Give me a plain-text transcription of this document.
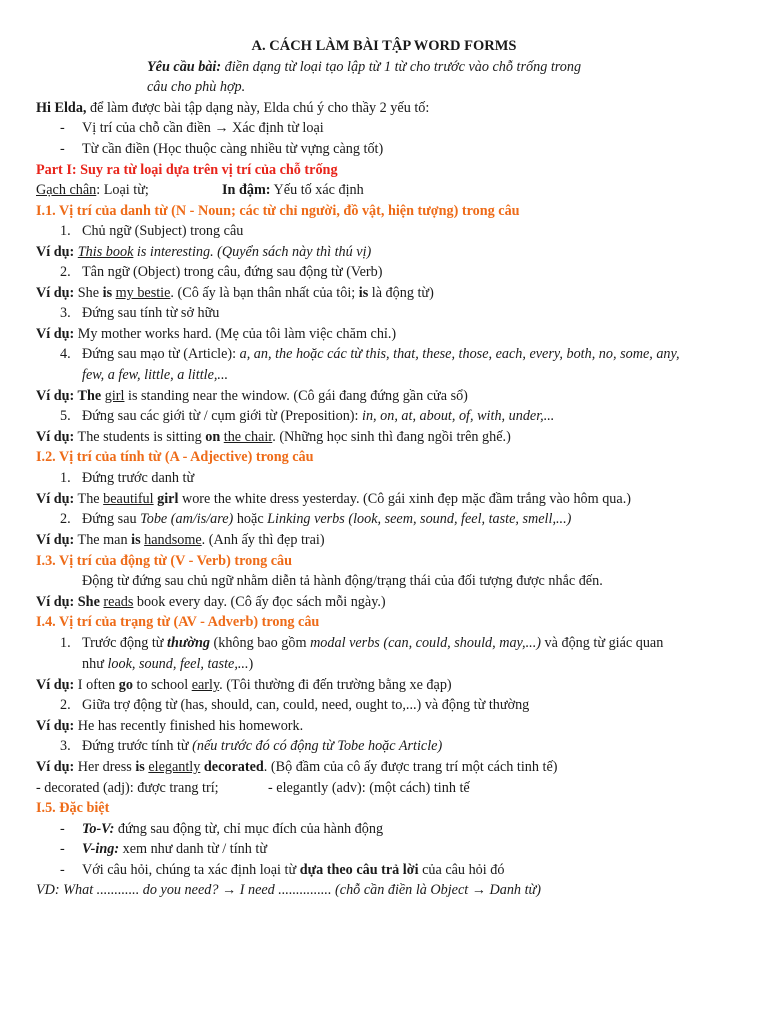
A. CÁCH LÀM BÀI TẬP WORD FORMS
Yêu cầu bài: điền dạng từ loại tạo lập từ 1 từ cho trước vào chỗ trống trong
câu cho phù hợp.
Hi Elda, để làm được bài tập dạng này, Elda chú ý cho thầy 2 yếu tố:
- Vị trí của chỗ cần điền → Xác định từ loại
- Từ cần điền (Học thuộc càng nhiều từ vựng càng tốt)
Part I: Suy ra từ loại dựa trên vị trí của chỗ trống
Gạch chân: Loại từ;	In đậm: Yếu tố xác định
I.1. Vị trí của danh từ (N - Noun; các từ chỉ người, đồ vật, hiện tượng) trong câu
1. Chủ ngữ (Subject) trong câu
Ví dụ: This book is interesting. (Quyển sách này thì thú vị)
2. Tân ngữ (Object) trong câu, đứng sau động từ (Verb)
Ví dụ: She is my bestie. (Cô ấy là bạn thân nhất của tôi; is là động từ)
3. Đứng sau tính từ sở hữu
Ví dụ: My mother works hard. (Mẹ của tôi làm việc chăm chỉ.)
4. Đứng sau mạo từ (Article): a, an, the hoặc các từ this, that, these, those, each, every, both, no, some, any,
few, a few, little, a little,...
Ví dụ: The girl is standing near the window. (Cô gái đang đứng gần cửa sổ)
5. Đứng sau các giới từ / cụm giới từ (Preposition): in, on, at, about, of, with, under,...
Ví dụ: The students is sitting on the chair. (Những học sinh thì đang ngồi trên ghế.)
I.2. Vị trí của tính từ (A - Adjective) trong câu
1. Đứng trước danh từ
Ví dụ: The beautiful girl wore the white dress yesterday. (Cô gái xinh đẹp mặc đầm trắng vào hôm qua.)
2. Đứng sau Tobe (am/is/are) hoặc Linking verbs (look, seem, sound, feel, taste, smell,...)
Ví dụ: The man is handsome. (Anh ấy thì đẹp trai)
I.3. Vị trí của động từ (V - Verb) trong câu
Động từ đứng sau chủ ngữ nhằm diễn tả hành động/trạng thái của đối tượng được nhắc đến.
Ví dụ: She reads book every day. (Cô ấy đọc sách mỗi ngày.)
I.4. Vị trí của trạng từ (AV - Adverb) trong câu
1. Trước động từ thường (không bao gồm modal verbs (can, could, should, may,...) và động từ giác quan
như look, sound, feel, taste,...)
Ví dụ: I often go to school early. (Tôi thường đi đến trường bằng xe đạp)
2. Giữa trợ động từ (has, should, can, could, need, ought to,...) và động từ thường
Ví dụ: He has recently finished his homework.
3. Đứng trước tính từ (nếu trước đó có động từ Tobe hoặc Article)
Ví dụ: Her dress is elegantly decorated. (Bộ đầm của cô ấy được trang trí một cách tinh tế)
- decorated (adj): được trang trí;	- elegantly (adv): (một cách) tinh tế
I.5. Đặc biệt
- To-V: đứng sau động từ, chỉ mục đích của hành động
- V-ing: xem như danh từ / tính từ
- Với câu hỏi, chúng ta xác định loại từ dựa theo câu trả lời của câu hỏi đó
VD: What ............ do you need? → I need ............... (chỗ cần điền là Object → Danh từ)
